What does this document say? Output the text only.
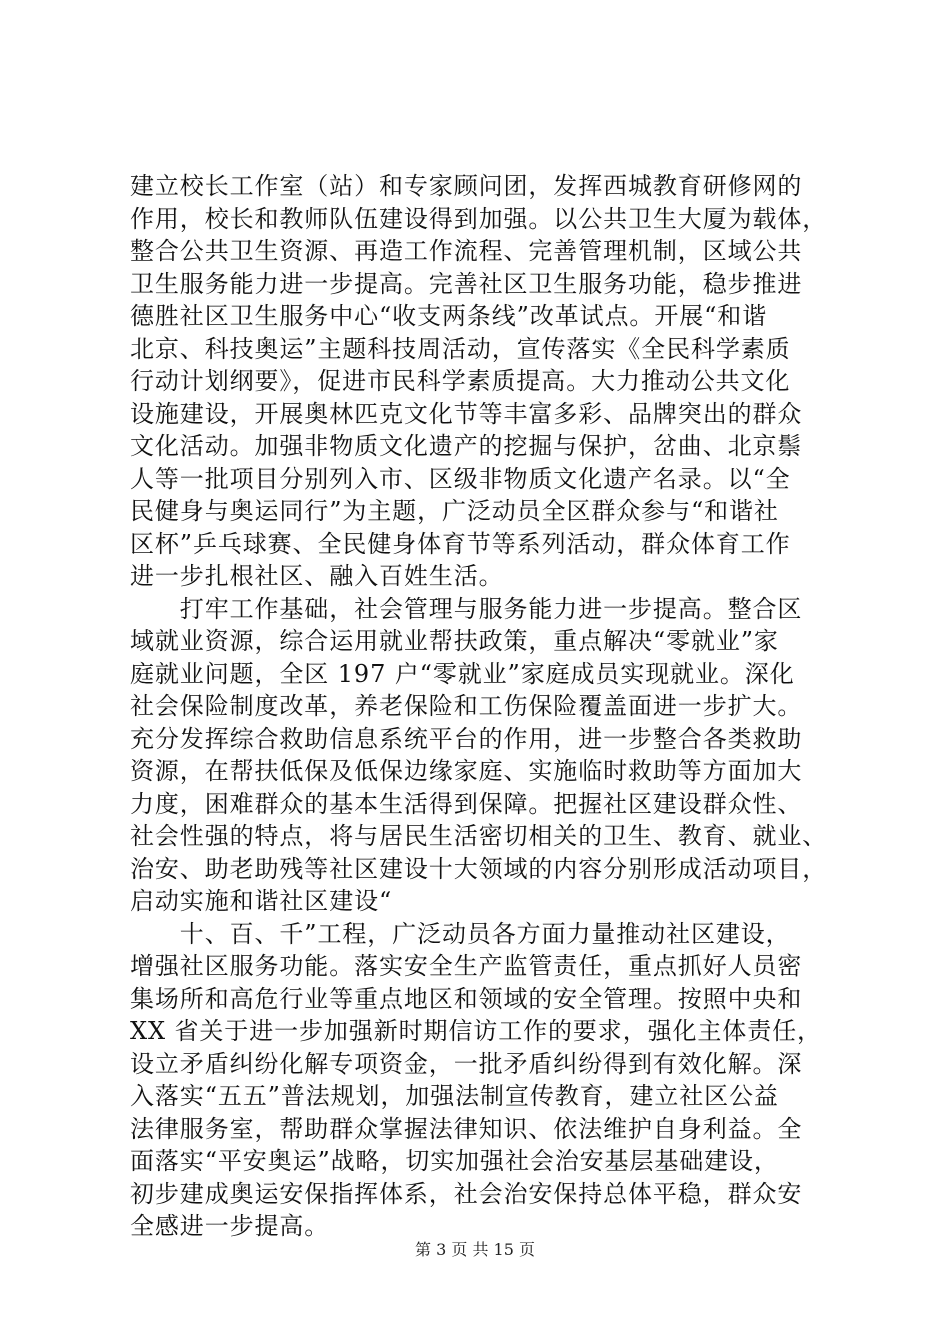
建立校长工作室（站）和专家顾问团，发挥西城教育研修网的
作用，校长和教师队伍建设得到加强。以公共卫生大厦为载体，
整合公共卫生资源、再造工作流程、完善管理机制，区域公共
卫生服务能力进一步提高。完善社区卫生服务功能，稳步推进
德胜社区卫生服务中心“收支两条线”改革试点。开展“和谐
北京、科技奥运”主题科技周活动，宣传落实《全民科学素质
行动计划纲要》，促进市民科学素质提高。大力推动公共文化
设施建设，开展奥林匹克文化节等丰富多彩、品牌突出的群众
文化活动。加强非物质文化遗产的挖掘与保护，岔曲、北京鬃
人等一批项目分别列入市、区级非物质文化遗产名录。以“全
民健身与奥运同行”为主题，广泛动员全区群众参与“和谐社
区杯”乒乓球赛、全民健身体育节等系列活动，群众体育工作
进一步扎根社区、融入百姓生活。
　　打牢工作基础，社会管理与服务能力进一步提高。整合区
域就业资源，综合运用就业帮扶政策，重点解决“零就业”家
庭就业问题，全区 197 户“零就业”家庭成员实现就业。深化
社会保险制度改革，养老保险和工伤保险覆盖面进一步扩大。
充分发挥综合救助信息系统平台的作用，进一步整合各类救助
资源，在帮扶低保及低保边缘家庭、实施临时救助等方面加大
力度，困难群众的基本生活得到保障。把握社区建设群众性、
社会性强的特点，将与居民生活密切相关的卫生、教育、就业、
治安、助老助残等社区建设十大领域的内容分别形成活动项目，
启动实施和谐社区建设“
　　十、百、千”工程，广泛动员各方面力量推动社区建设，
增强社区服务功能。落实安全生产监管责任，重点抓好人员密
集场所和高危行业等重点地区和领域的安全管理。按照中央和
XX 省关于进一步加强新时期信访工作的要求，强化主体责任，
设立矛盾纠纷化解专项资金，一批矛盾纠纷得到有效化解。深
入落实“五五”普法规划，加强法制宣传教育，建立社区公益
法律服务室，帮助群众掌握法律知识、依法维护自身利益。全
面落实“平安奥运”战略，切实加强社会治安基层基础建设，
初步建成奥运安保指挥体系，社会治安保持总体平稳，群众安
全感进一步提高。
第 3 页 共 15 页
